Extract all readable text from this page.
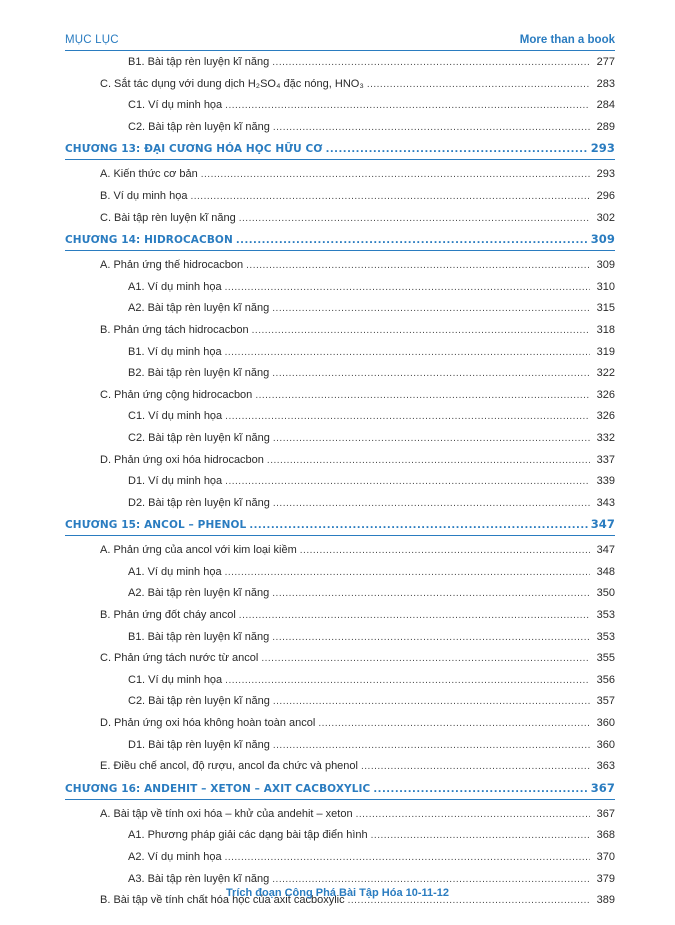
MỤC LỤC	More than a book
B1. Bài tập rèn luyện kĩ năng .....	277
C. Sắt tác dụng với dung dịch H₂SO₄ đặc nóng, HNO₃ .....	283
C1. Ví dụ minh họa .....	284
C2. Bài tập rèn luyện kĩ năng .....	289
CHƯƠNG 13: ĐẠI CƯƠNG HÓA HỌC HỮU CƠ .....	293
A. Kiến thức cơ bản .....	293
B. Ví dụ minh họa .....	296
C. Bài tập rèn luyện kĩ năng .....	302
CHƯƠNG 14: HIDROCACBON .....	309
A. Phản ứng thế hidrocacbon .....	309
A1. Ví dụ minh họa .....	310
A2. Bài tập rèn luyện kĩ năng .....	315
B. Phản ứng tách hidrocacbon .....	318
B1. Ví dụ minh họa .....	319
B2. Bài tập rèn luyện kĩ năng .....	322
C. Phản ứng cộng hidrocacbon .....	326
C1. Ví dụ minh họa .....	326
C2. Bài tập rèn luyện kĩ năng .....	332
D. Phản ứng oxi hóa hidrocacbon .....	337
D1. Ví dụ minh họa .....	339
D2. Bài tập rèn luyện kĩ năng .....	343
CHƯƠNG 15: ANCOL – PHENOL .....	347
A. Phản ứng của ancol với kim loại kiềm .....	347
A1. Ví dụ minh họa .....	348
A2. Bài tập rèn luyện kĩ năng .....	350
B. Phản ứng đốt cháy ancol .....	353
B1. Bài tập rèn luyện kĩ năng .....	353
C. Phản ứng tách nước từ ancol .....	355
C1. Ví dụ minh họa .....	356
C2. Bài tập rèn luyện kĩ năng .....	357
D. Phản ứng oxi hóa không hoàn toàn ancol .....	360
D1. Bài tập rèn luyện kĩ năng .....	360
E. Điều chế ancol, độ rượu, ancol đa chức và phenol .....	363
CHƯƠNG 16: ANDEHIT – XETON – AXIT CACBOXYLIC .....	367
A. Bài tập về tính oxi hóa – khử của andehit – xeton .....	367
A1. Phương pháp giải các dạng bài tập điển hình .....	368
A2. Ví dụ minh họa .....	370
A3. Bài tập rèn luyện kĩ năng .....	379
B. Bài tập về tính chất hóa học của axit cacboxylic .....	389
Trích đoạn Công Phá Bài Tập Hóa 10-11-12
